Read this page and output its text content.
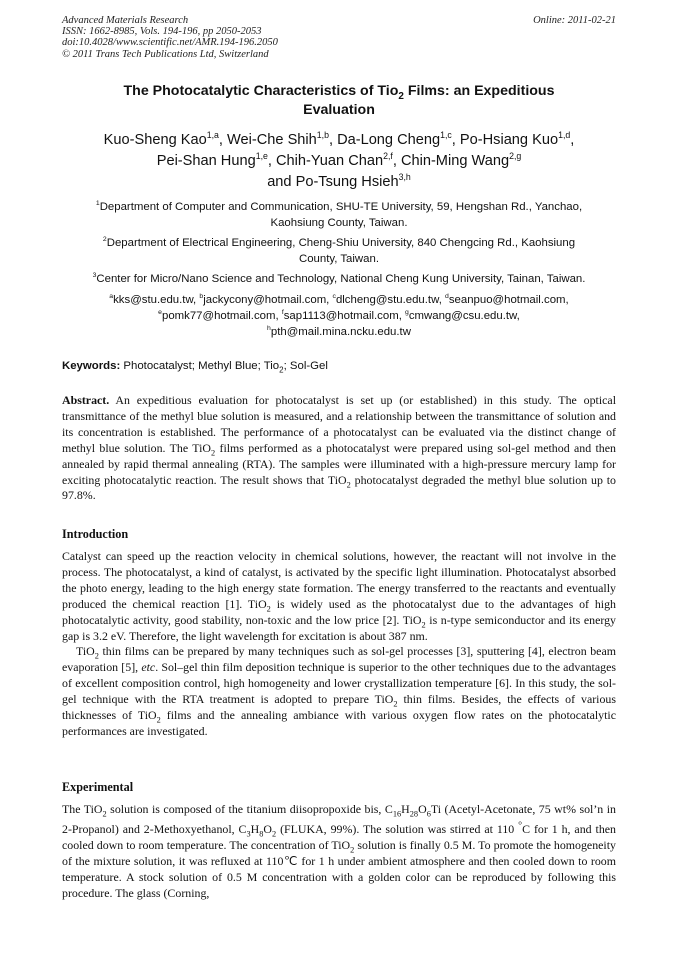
Advanced Materials Research
ISSN: 1662-8985, Vols. 194-196, pp 2050-2053
doi:10.4028/www.scientific.net/AMR.194-196.2050
© 2011 Trans Tech Publications Ltd, Switzerland
Online: 2011-02-21
The Photocatalytic Characteristics of Tio$_2$ Films: an Expeditious
Evaluation
Kuo-Sheng Kao$^{1,a}$, Wei-Che Shih$^{1,b}$, Da-Long Cheng$^{1,c}$, Po-Hsiang Kuo$^{1,d}$,
Pei-Shan Hung$^{1,e}$, Chih-Yuan Chan$^{2,f}$, Chin-Ming Wang$^{2,g}$
and Po-Tsung Hsieh$^{3,h}$
$^1$Department of Computer and Communication, SHU-TE University, 59, Hengshan Rd., Yanchao,
Kaohsiung County, Taiwan.
$^2$Department of Electrical Engineering, Cheng-Shiu University, 840 Chengcing Rd., Kaohsiung
County, Taiwan.
$^3$Center for Micro/Nano Science and Technology, National Cheng Kung University, Tainan, Taiwan.
$^a$kks@stu.edu.tw, $^b$jackycony@hotmail.com, $^c$dlcheng@stu.edu.tw, $^d$seanpuo@hotmail.com,
$^e$pomk77@hotmail.com, $^f$sap1113@hotmail.com, $^g$cmwang@csu.edu.tw,
$^h$pth@mail.mina.ncku.edu.tw
Keywords: Photocatalyst; Methyl Blue; Tio$_2$; Sol-Gel

Abstract. An expeditious evaluation for photocatalyst is set up (or established) in this study. The optical transmittance of the methyl blue solution is measured, and a relationship between the transmittance of solution and its concentration is established. The performance of a photocatalyst can be evaluated via the distinct change of methyl blue solution. The TiO$_2$ films performed as a photocatalyst were prepared using sol-gel method and then annealed by rapid thermal annealing (RTA). The samples were illuminated with a high-pressure mercury lamp for exciting photocatalytic reaction. The result shows that TiO$_2$ photocatalyst degraded the methyl blue solution up to 97.8%.

Introduction

Catalyst can speed up the reaction velocity in chemical solutions, however, the reactant will not involve in the process. The photocatalyst, a kind of catalyst, is activated by the specific light illumination. Photocatalyst absorbed the photo energy, leading to the high energy state formation. The energy transferred to the reactants and eventually produced the chemical reaction [1]. TiO$_2$ is widely used as the photocatalyst due to the advantages of high photocatalytic activity, good stability, non-toxic and the low price [2]. TiO$_2$ is n-type semiconductor and its energy gap is 3.2 eV. Therefore, the light wavelength for excitation is about 387 nm.

TiO$_2$ thin films can be prepared by many techniques such as sol-gel processes [3], sputtering [4], electron beam evaporation [5], etc. Sol–gel thin film deposition technique is superior to the other techniques due to the advantages of excellent composition control, high homogeneity and lower crystallization temperature [6]. In this study, the sol-gel technique with the RTA treatment is adopted to prepare TiO$_2$ thin films. Besides, the effects of various thicknesses of TiO$_2$ films and the annealing ambiance with various oxygen flow rates on the photocatalytic performances are investigated.

Experimental

The TiO$_2$ solution is composed of the titanium diisopropoxide bis, $C_{16}H_{28}O_6Ti$ (Acetyl-Acetonate, 75 wt% sol’n in 2-Propanol) and 2-Methoxyethanol, $C_3H_8O_2$ (FLUKA, 99%). The solution was stirred at 110 °C for 1 h, and then cooled down to room temperature. The concentration of TiO$_2$ solution is finally 0.5 M. To promote the homogeneity of the mixture solution, it was refluxed at 110℃ for 1 h under ambient atmosphere and then cooled down to room temperature. A stock solution of 0.5 M concentration with a golden color can be reproduced by following this procedure. The glass (Corning,
